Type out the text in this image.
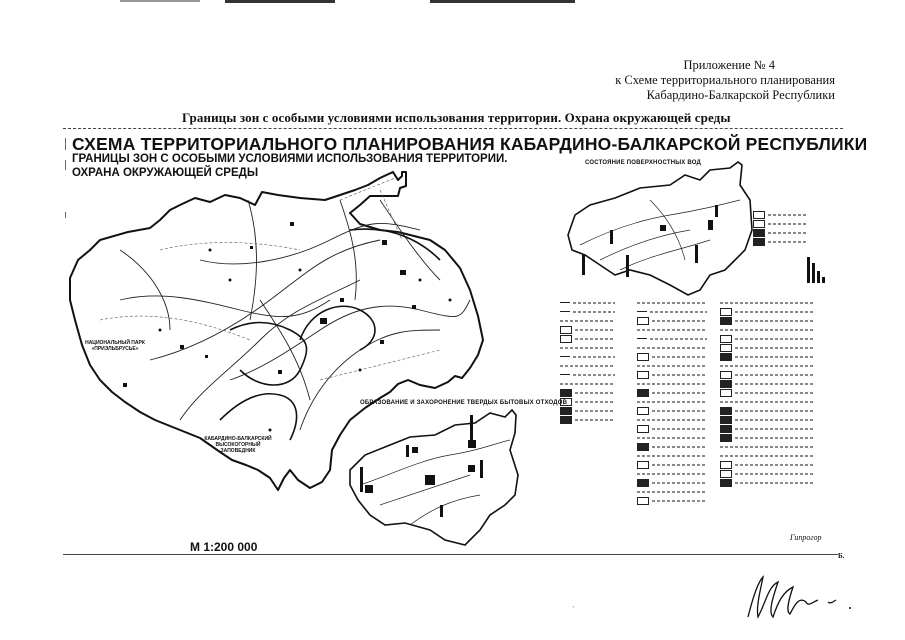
Приложение № 4
к Схеме территориального планирования
Кабардино-Балкарской Республики
Границы зон с особыми условиями использования территории. Охрана окружающей среды
СХЕМА ТЕРРИТОРИАЛЬНОГО ПЛАНИРОВАНИЯ КАБАРДИНО-БАЛКАРСКОЙ РЕСПУБЛИКИ
ГРАНИЦЫ ЗОН С ОСОБЫМИ УСЛОВИЯМИ ИСПОЛЬЗОВАНИЯ ТЕРРИТОРИИ.
ОХРАНА ОКРУЖАЮЩЕЙ СРЕДЫ
НАЦИОНАЛЬНЫЙ ПАРК «ПРИЭЛЬБРУСЬЕ»
КАБАРДИНО-БАЛКАРСКИЙ
ВЫСОКОГОРНЫЙ
ЗАПОВЕДНИК
СОСТОЯНИЕ ПОВЕРХНОСТНЫХ ВОД
ОБРАЗОВАНИЕ И ЗАХОРОНЕНИЕ ТВЕРДЫХ БЫТОВЫХ ОТХОДОВ
М 1:200 000
Гипрогор
Б.
ˋ
